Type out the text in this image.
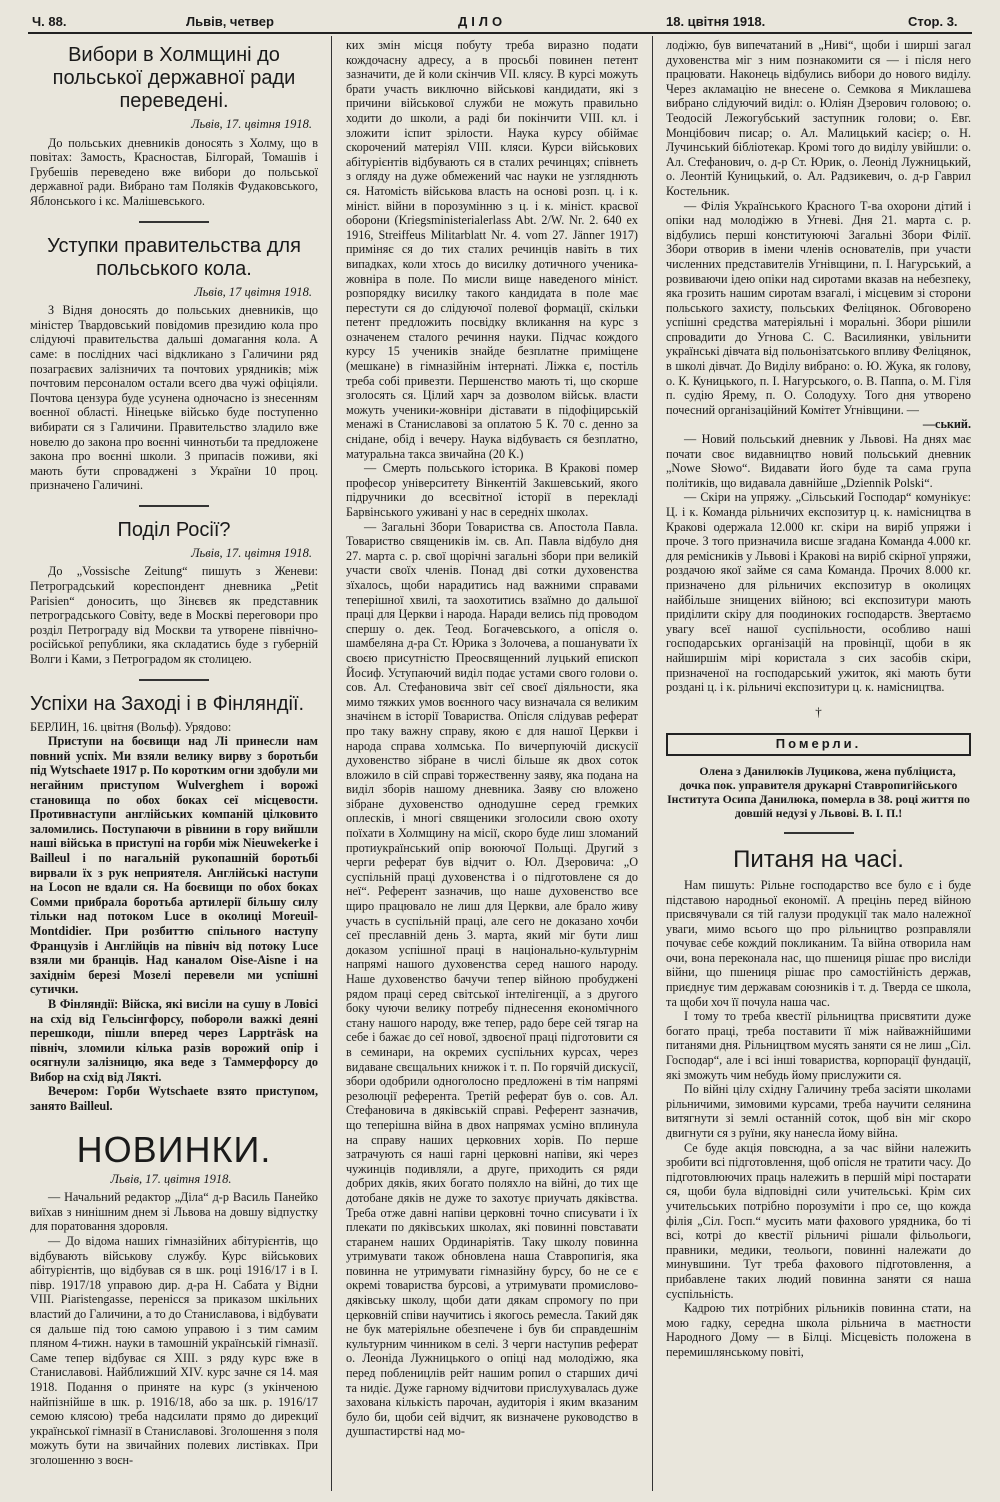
Ч. 88.	Львів, четвер	ДІЛО	18. цвітня 1918.	Стор. 3.
Вибори в Холмщині до польської державної ради переведені.
Львів, 17. цвітня 1918.

До польських дневників доносять з Холму, що в повітах: Замость, Красностав, Білгорай, Томашів і Грубешів переведено вже вибори до польської державної ради. Вибрано там Поляків Фудаковського, Яблонського і кс. Малішевського.

Уступки правительства для польського кола.
Львів, 17 цвітня 1918.

З Відня доносять до польських дневників, що міністер Твардовський повідомив президию кола про слідуючі правительства дальші домагання кола. А саме: в послідних часі відкликано з Галичини ряд позаграєвих залізничих та почтових урядників; між почтовим персоналом остали всего два чужі офіціяли. Почтова цензура буде усунена одночасно із знесенням воєнної області. Нінецьке військо буде поступенно вибирати ся з Галичини. Правительство зладило вже новелю до закона про воєнні чиннотьби та предложене закона про воєнні школи. З припасів поживи, які мають бути спроваджені з України 10 проц. призначено Галичині.

Поділ Росії?
Львів, 17. цвітня 1918.

До „Vossische Zeitung“ пишуть з Женеви: Петроградський кореспондент дневника „Petit Parisien“ доносить, що Зінєвєв як представник петроградського Совіту, веде в Москві переговори про розділ Петрограду від Москви та утворене північно-російської републики, яка складатись буде з губерній Волги і Ками, з Петроградом як столицею.

Успіхи на Заході і в Фінляндії.

БЕРЛИН, 16. цвітня (Вольф). Урядово:

Приступи на боєвищи над Лі принесли нам повний успіх. Ми взяли велику вирву з боротьби під Wytschaete 1917 р. По коротким огни здобули ми негайним приступом Wulverghem і ворожі становища по обох боках сеї місцевости. Противнаступи англійських компаній цілковито заломились. Поступаючи в рівнини в гору вийшли наші війська в приступі на горби між Nieuwekerke і Bailleul і по нагальній рукопашній боротьбі вирвали їх з рук неприятеля. Англійські наступи на Locon не вдали ся. На боєвищи по обох боках Сомми прибрала боротьба артилерії більшу силу тільки над потоком Luce в околиці Moreuil-Montdidier. При розбиттю спільного наступу Французів і Англійців на північ від потоку Luce взяли ми бранців. Над каналом Oise-Aisne і на західнім березі Мозелі перевели ми успішні сутички.

В Фінляндії: Війска, які висіли на сушу в Ловісі на схід від Гельсінгфорсу, побороли важкі деяні перешкоди, пішли вперед через Lappträsk на північ, зломили кілька разів ворожий опір і осягнули залізницю, яка веде з Таммерфорсу до Вибор на схід від Лякті.

Вечером: Горби Wytschaete взято приступом, занято Bailleul.

НОВИНКИ.
Львів, 17. цвітня 1918.

— Начальний редактор „Діла“ д-р Василь Панейко виїхав з нинішним днем зі Львова на довшу відпустку для поратовання здоровля.

— До відома наших гімназійних абітурієнтів, що відбувають військову службу. Курс військових абітурієнтів, що відбував ся в шк. році 1916/17 і в І. півр. 1917/18 управою дир. д-ра Н. Сабата у Відни VIII. Piaristengasse, перенісся за приказом шкільних властий до Галичини, а то до Станиславова, і відбувати ся дальше під тою самою управою і з тим самим пляном 4-тижн. науки в тамошній українській гімназії. Саме тепер відбуває ся XIII. з ряду курс вже в Станиславові. Найближший XIV. курс зачне ся 14. мая 1918. Подання о приняте на курс (з укінченою найпізнійше в шк. р. 1916/18, або за шк. р. 1916/17 семою клясою) треба надсилати прямо до дирекциї української гімназії в Станиславові. Зголошення з поля можуть бути на звичайних полевих листівках. При зголошенню з воєн-

ких змін місця побуту треба виразно подати кождочасну адресу, а в просьбі повинен петент зазначити, де й коли скінчив VII. клясу. В курсі можуть брати участь виключно військові кандидати, які з причини військової служби не можуть правильно ходити до школи, а раді би покінчити VIII. кл. і зложити іспит зрілости. Наука курсу обіймає скорочений матеріял VIII. кляси. Курси військових абітурієнтів відбувають ся в сталих речинцях; співнеть з огляду на дуже обмежений час науки не узгляднють ся. Натомість військова власть на основі розп. ц. і к. мініст. війни в порозумінню з ц. і к. мініст. красвої оборони (Kriegsministerialerlass Abt. 2/W. Nr. 2. 640 ex 1916, Streiffeus Militarblatt Nr. 4. vom 27. Jänner 1917) приміняє ся до тих сталих речинців навіть в тих випадках, коли хтось до висилку дотичного ученика-жовніра в поле. По мисли вище наведеного мініст. розпорядку висилку такого кандидата в поле має перестути ся до слідуючої полевої формації, скільки петент предложить посвідку вкликання на курс з означенем сталого речиння науки. Підчас кождого курсу 15 учеників знайде безплатне приміщене (мешкане) в гімназійнім інтернаті. Ліжка є, постіль треба собі привезти. Першенство мають ті, що скорше зголосять ся. Цілий харч за дозволом військ. власти можуть ученики-жовніри діставати в підофіцирській менажі в Станиславові за оплатою 5 К. 70 с. денно за снідане, обід і вечеру. Наука відбуваєть ся безплатно, матуральна такса звичайна (20 К.)

— Смерть польського історика. В Кракові помер професор університету Вінкентій Закшевський, якого підручники до всесвітної історії в перекладі Барвінського уживані у нас в середніх школах.

— Загальні Збори Товариства св. Апостола Павла. Товариство священиків ім. св. Ап. Павла відбуло дня 27. марта с. р. свої щорічні загальні збори при великій участи своїх членів. Понад дві сотки духовенства зїхалось, щоби нарадитись над важними справами теперішної хвилі, та заохотитись взаїмно до дальшої праці для Церкви і народа. Наради велись під проводом спершу о. дек. Теод. Богачевського, а опісля о. шамбеляна д-ра Ст. Юрика з Золочева, а пошанувати їх своєю присутністю Преосвященний луцький епископ Йосиф. Уступаючий виділ подає устами свого голови о. сов. Ал. Стефановича звіт сеї своєї діяльности, яка мимо тяжких умов воєнного часу визначала ся великим значінєм в історії Товариства. Опісля слідував реферат про таку важну справу, якою є для нашої Церкви і народа справа холмська. По вичерпуючій дискусії духовенство зібране в числі більше як двох соток вложило в сій справі торжественну заяву, яка подана на виділ зборів нашому дневника. Заяву сю вложено зібране духовенство однодушне серед гремких оплесків, і многі священики зголосили свою охоту поїхати в Холмщину на місії, скоро буде лиш зломаний протиукраїнський опір воюючої Польщі. Другий з черги реферат був відчит о. Юл. Дзеровича: „О суспільній праці духовенства і о підготовлене ся до неї“. Референт зазначив, що наше духовенство все щиро працювало не лиш для Церкви, але брало живу участь в суспільній праці, але сего не доказано хочби сеї преславній день 3. марта, який міг бути лиш доказом успішної праці в національно-культурнім напрямі нашого духовенства серед нашого народу. Наше духовенство бачучи тепер війною пробуджені рядом праці серед світської інтелігенції, а з другого боку чуючи велику потребу піднесення економічного стану нашого народу, вже тепер, радо бере сей тягар на себе і бажає до сеї нової, здвоєної праці підготовити ся в семинари, на окремих суспільних курсах, через видаване свєщальних книжок і т. п. По горячій дискусії, збори одобрили одноголосно предложені в тім напрямі резолюції референта. Третій реферат був о. сов. Ал. Стефановича в дяківській справі. Референт зазначив, що теперішна війна в двох напрямах усміно вплинула на справу наших церковних хорів. По перше затрачують ся наші гарні церковні напіви, які через чужинців подивляли, а друге, приходить ся ряди добрих дяків, яких богато поляхло на війні, до тих ще дотобане дяків не дуже то захотує приучать дяківства. Треба отже давні напіви церковні точно списувати і їх плекати по дяківських школах, які повинні повставати старанем наших Ординаріятів. Таку школу повинна утримувати також обновлена наша Ставропигія, яка повинна не утримувати гімназійну бурсу, бо не се є окремі товариства бурсові, а утримувати промислово-дяківську школу, щоби дати дякам спромогу по при церковній співи научитись і якогось ремесла. Такий дяк не бук матеріяльне обезпечене і був би справдешнім культурним чинником в селі. З черги наступив реферат о. Леоніда Лужницького о опіці над молодіжю, яка перед побленицлів рейт нашим ропил о старших дичі та нидіє. Дуже гарному відчитови прислухувалась дуже захована кількість парочан, аудиторія і яким вказаним було би, щоби сей відчит, як визначене руководство в душпастирстві над мо-

лодіжю, був випечатаний в „Ниві“, щоби і ширші загал духовенства міг з ним познакомити ся — і після него працювати. Наконець відбулись вибори до нового виділу. Через акламацію не внесене о. Семкова я Миклашева вибрано слідуючий виділ: о. Юліян Дзерович головою; о. Теодосій Лежогубський заступник голови; о. Евг. Монцібович писар; о. Ал. Малицький касієр; о. Н. Лучинський бібліотекар. Кромі того до виділу увійшли: о. Ал. Стефанович, о. д-р Ст. Юрик, о. Леонід Лужницький, о. Леонтій Куницький, о. Ал. Радзикевич, о. д-р Гаврил Костельник.

— Філія Українського Красного Т-ва охорони дітий і опіки над молодіжю в Угневі. Дня 21. марта с. р. відбулись перші конституюючі Загальні Збори Філії. Збори отворив в імени членів основателів, при участи численних представителів Угнівщини, п. І. Нагурський, а розвиваючи ідею опіки над сиротами вказав на небезпеку, яка грозить нашим сиротам взагалі, і місцевим зі сторони польського захисту, польських Феліцянок. Обговорено успішні средства матеріяльні і моральні. Збори рішили спровадити до Угнова С. С. Василиянки, увільнити українські дівчата від польонізатського впливу Феліцянок, в школі дівчат. До Виділу вибрано: о. Ю. Жука, як голову, о. К. Куницького, п. І. Нагурського, о. В. Паппа, о. М. Гіля п. судію Ярему, п. О. Солодуху. Того дня утворено почесний організаційний Комітет Угнівщини. —

—ський.

— Новий польський дневник у Львові. На днях має почати своє видавництво новий польський дневник „Nowe Słowo“. Видавати його буде та сама група політиків, що видавала давнійше „Dziennik Polski“.

— Скіри на упряжу. „Сільський Господар“ комунікує: Ц. і к. Команда рільничих експозитур ц. к. намісництва в Кракові одержала 12.000 кг. скіри на виріб упряжи і проче. З того призначила висше згадана Команда 4.000 кг. для ремісників у Львові і Кракові на виріб скірної упряжи, роздачою якої займе ся сама Команда. Прочих 8.000 кг. призначено для рільничих експозитур в околицях найбільше знищених війною; всі експозитури мають приділити скіру для поодиноких господарств. Звертаємо увагу всеї нашої суспільности, особливо наші господарських організацій на провінції, щоби в як найширшім мірі користала з сих засобів скіри, призначеної на господарський ужиток, які мають бути роздані ц. і к. рільничі експозитури ц. к. намісництва.

†
Померли.

Олена з Данилюків Луцикова, жена публіциста, дочка пок. управителя друкарні Ставропигійського Інститута Осипа Данилюка, померла в 38. році життя по довшій недузі у Львові. В. І. П.!

Питаня на часі.

Нам пишуть: Рільне господарство все було є і буде підставою народньої економії. А прецінь перед війною присвячували ся тій галузи продукції так мало належної уваги, мимо всього що про рільництво розправляли почуває себе кождий покликаним. Та війна отворила нам очи, вона переконала нас, що пшениця рішає про висліди війни, що пшениця рішає про самостійність держав, приєднує тим державам союзників і т. д. Тверда се школа, та щоби хоч її почула наша час.

І тому то треба квестії рільництва присвятити дуже богато праці, треба поставити її між найважнійшими питанями дня. Рільництвом мусять заняти ся не лиш „Сіл. Господар“, але і всі інші товариства, корпорації фундації, які зможуть чим небудь йому прислужити ся.

По війні цілу східну Галичину треба засіяти школами рільничими, зимовими курсами, треба научити селянина витягнути зі землі останній соток, щоб він міг скоро двигнути ся з руїни, яку нанесла йому війна.

Се буде акція повсюдна, а за час війни належить зробити всі підготовлення, щоб опісля не тратити часу. До підготовлюючих праць належить в першій мірі постарати ся, щоби була відповідні сили учительські. Крім сих учительських потрібно порозуміти і про се, що кожда філія „Сіл. Госп.“ мусить мати фахового урядника, бо ті всі, котрі до квестії рільничі рішали фільольоги, правники, медики, теольоги, повинні належати до минувшини. Тут треба фахового підготовлення, а прибавлене таких людий повинна заняти ся наша суспільність.

Кадрою тих потрібних рільників повинна стати, на мою гадку, середна школа рільнича в маєтности Народного Дому — в Білці. Місцевість положена в перемишлянському повіті,
